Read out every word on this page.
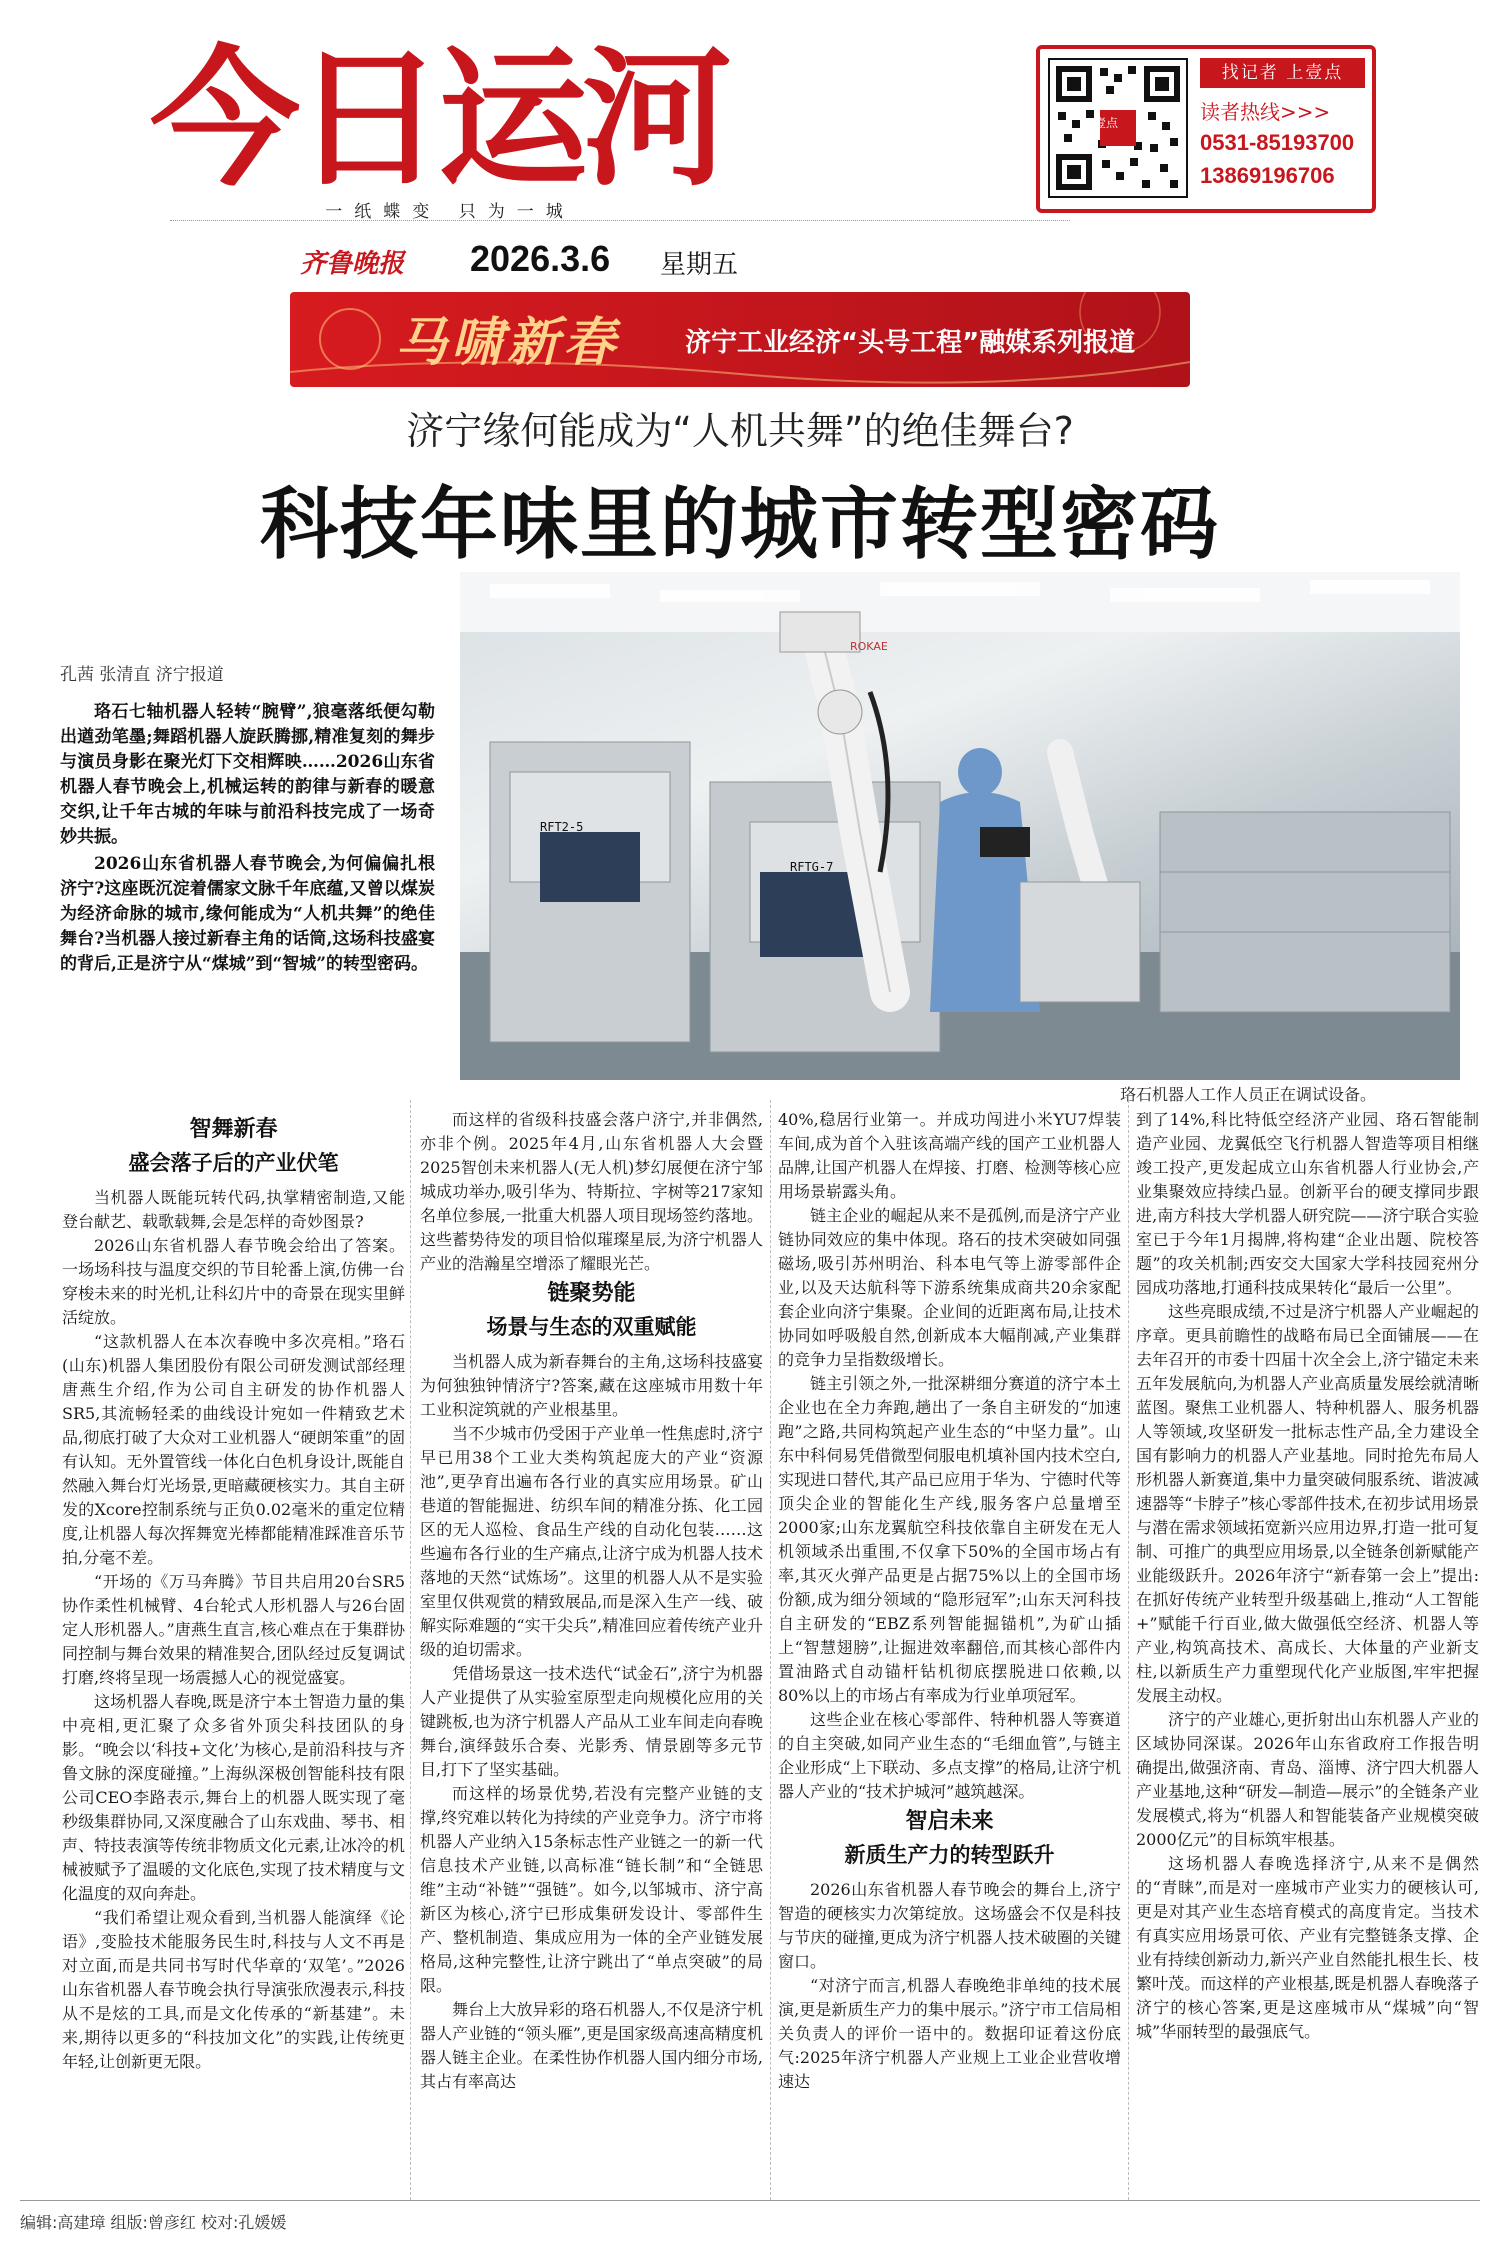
今日运河
一纸蝶变 只为一城
齐鲁晚报 2026.3.6 星期五
壹点
找记者 上壹点
读者热线>>>
0531-85193700
13869196706
马啸新春	济宁工业经济“头号工程”融媒系列报道
济宁缘何能成为“人机共舞”的绝佳舞台?
科技年味里的城市转型密码
RFT2-5
RFTG-7
ROKAE
珞石机器人工作人员正在调试设备。
孔茜 张清直 济宁报道

珞石七轴机器人轻转“腕臂”,狼毫落纸便勾勒出遒劲笔墨;舞蹈机器人旋跃腾挪,精准复刻的舞步与演员身影在聚光灯下交相辉映……2026山东省机器人春节晚会上,机械运转的韵律与新春的暖意交织,让千年古城的年味与前沿科技完成了一场奇妙共振。

2026山东省机器人春节晚会,为何偏偏扎根济宁?这座既沉淀着儒家文脉千年底蕴,又曾以煤炭为经济命脉的城市,缘何能成为“人机共舞”的绝佳舞台?当机器人接过新春主角的话筒,这场科技盛宴的背后,正是济宁从“煤城”到“智城”的转型密码。

智舞新春
盛会落子后的产业伏笔

当机器人既能玩转代码,执掌精密制造,又能登台献艺、载歌载舞,会是怎样的奇妙图景?

2026山东省机器人春节晚会给出了答案。一场场科技与温度交织的节目轮番上演,仿佛一台穿梭未来的时光机,让科幻片中的奇景在现实里鲜活绽放。

“这款机器人在本次春晚中多次亮相。”珞石(山东)机器人集团股份有限公司研发测试部经理唐燕生介绍,作为公司自主研发的协作机器人SR5,其流畅轻柔的曲线设计宛如一件精致艺术品,彻底打破了大众对工业机器人“硬朗笨重”的固有认知。无外置管线一体化白色机身设计,既能自然融入舞台灯光场景,更暗藏硬核实力。其自主研发的Xcore控制系统与正负0.02毫米的重定位精度,让机器人每次挥舞宽光棒都能精准踩准音乐节拍,分毫不差。

“开场的《万马奔腾》节目共启用20台SR5协作柔性机械臂、4台轮式人形机器人与26台固定人形机器人。”唐燕生直言,核心难点在于集群协同控制与舞台效果的精准契合,团队经过反复调试打磨,终将呈现一场震撼人心的视觉盛宴。

这场机器人春晚,既是济宁本土智造力量的集中亮相,更汇聚了众多省外顶尖科技团队的身影。“晚会以‘科技+文化’为核心,是前沿科技与齐鲁文脉的深度碰撞。”上海纵深极创智能科技有限公司CEO李路表示,舞台上的机器人既实现了毫秒级集群协同,又深度融合了山东戏曲、琴书、相声、特技表演等传统非物质文化元素,让冰冷的机械被赋予了温暖的文化底色,实现了技术精度与文化温度的双向奔赴。

“我们希望让观众看到,当机器人能演绎《论语》,变脸技术能服务民生时,科技与人文不再是对立面,而是共同书写时代华章的‘双笔’。”2026山东省机器人春节晚会执行导演张欣漫表示,科技从不是炫的工具,而是文化传承的“新基建”。未来,期待以更多的“科技加文化”的实践,让传统更年轻,让创新更无限。

而这样的省级科技盛会落户济宁,并非偶然,亦非个例。2025年4月,山东省机器人大会暨2025智创未来机器人(无人机)梦幻展便在济宁邹城成功举办,吸引华为、特斯拉、字树等217家知名单位参展,一批重大机器人项目现场签约落地。这些蓄势待发的项目恰似璀璨星辰,为济宁机器人产业的浩瀚星空增添了耀眼光芒。

链聚势能
场景与生态的双重赋能

当机器人成为新春舞台的主角,这场科技盛宴为何独独钟情济宁?答案,藏在这座城市用数十年工业积淀筑就的产业根基里。

当不少城市仍受困于产业单一性焦虑时,济宁早已用38个工业大类构筑起庞大的产业“资源池”,更孕育出遍布各行业的真实应用场景。矿山巷道的智能掘进、纺织车间的精准分拣、化工园区的无人巡检、食品生产线的自动化包装……这些遍布各行业的生产痛点,让济宁成为机器人技术落地的天然“试炼场”。这里的机器人从不是实验室里仅供观赏的精致展品,而是深入生产一线、破解实际难题的“实干尖兵”,精准回应着传统产业升级的迫切需求。

凭借场景这一技术迭代“试金石”,济宁为机器人产业提供了从实验室原型走向规模化应用的关键跳板,也为济宁机器人产品从工业车间走向春晚舞台,演绎鼓乐合奏、光影秀、情景剧等多元节目,打下了坚实基础。

而这样的场景优势,若没有完整产业链的支撑,终究难以转化为持续的产业竞争力。济宁市将机器人产业纳入15条标志性产业链之一的新一代信息技术产业链,以高标准“链长制”和“全链思维”主动“补链”“强链”。如今,以邹城市、济宁高新区为核心,济宁已形成集研发设计、零部件生产、整机制造、集成应用为一体的全产业链发展格局,这种完整性,让济宁跳出了“单点突破”的局限。

舞台上大放异彩的珞石机器人,不仅是济宁机器人产业链的“领头雁”,更是国家级高速高精度机器人链主企业。在柔性协作机器人国内细分市场,其占有率高达

40%,稳居行业第一。并成功闯进小米YU7焊装车间,成为首个入驻该高端产线的国产工业机器人品牌,让国产机器人在焊接、打磨、检测等核心应用场景崭露头角。

链主企业的崛起从来不是孤例,而是济宁产业链协同效应的集中体现。珞石的技术突破如同强磁场,吸引苏州明治、科本电气等上游零部件企业,以及天达航科等下游系统集成商共20余家配套企业向济宁集聚。企业间的近距离布局,让技术协同如呼吸般自然,创新成本大幅削减,产业集群的竞争力呈指数级增长。

链主引领之外,一批深耕细分赛道的济宁本土企业也在全力奔跑,趟出了一条自主研发的“加速跑”之路,共同构筑起产业生态的“中坚力量”。山东中科伺易凭借微型伺服电机填补国内技术空白,实现进口替代,其产品已应用于华为、宁德时代等顶尖企业的智能化生产线,服务客户总量增至2000家;山东龙翼航空科技依靠自主研发在无人机领域杀出重围,不仅拿下50%的全国市场占有率,其灭火弹产品更是占据75%以上的全国市场份额,成为细分领域的“隐形冠军”;山东天河科技自主研发的“EBZ系列智能掘锚机”,为矿山插上“智慧翅膀”,让掘进效率翻倍,而其核心部件内置油路式自动锚杆钻机彻底摆脱进口依赖,以80%以上的市场占有率成为行业单项冠军。

这些企业在核心零部件、特种机器人等赛道的自主突破,如同产业生态的“毛细血管”,与链主企业形成“上下联动、多点支撑”的格局,让济宁机器人产业的“技术护城河”越筑越深。

智启未来
新质生产力的转型跃升

2026山东省机器人春节晚会的舞台上,济宁智造的硬核实力次第绽放。这场盛会不仅是科技与节庆的碰撞,更成为济宁机器人技术破圈的关键窗口。

“对济宁而言,机器人春晚绝非单纯的技术展演,更是新质生产力的集中展示。”济宁市工信局相关负责人的评价一语中的。数据印证着这份底气:2025年济宁机器人产业规上工业企业营收增速达

到了14%,科比特低空经济产业园、珞石智能制造产业园、龙翼低空飞行机器人智造等项目相继竣工投产,更发起成立山东省机器人行业协会,产业集聚效应持续凸显。创新平台的硬支撑同步跟进,南方科技大学机器人研究院——济宁联合实验室已于今年1月揭牌,将构建“企业出题、院校答题”的攻关机制;西安交大国家大学科技园兖州分园成功落地,打通科技成果转化“最后一公里”。

这些亮眼成绩,不过是济宁机器人产业崛起的序章。更具前瞻性的战略布局已全面铺展——在去年召开的市委十四届十次全会上,济宁锚定未来五年发展航向,为机器人产业高质量发展绘就清晰蓝图。聚焦工业机器人、特种机器人、服务机器人等领域,攻坚研发一批标志性产品,全力建设全国有影响力的机器人产业基地。同时抢先布局人形机器人新赛道,集中力量突破伺服系统、谐波减速器等“卡脖子”核心零部件技术,在初步试用场景与潜在需求领域拓宽新兴应用边界,打造一批可复制、可推广的典型应用场景,以全链条创新赋能产业能级跃升。2026年济宁“新春第一会上”提出:在抓好传统产业转型升级基础上,推动“人工智能+”赋能千行百业,做大做强低空经济、机器人等产业,构筑高技术、高成长、大体量的产业新支柱,以新质生产力重塑现代化产业版图,牢牢把握发展主动权。

济宁的产业雄心,更折射出山东机器人产业的区域协同深谋。2026年山东省政府工作报告明确提出,做强济南、青岛、淄博、济宁四大机器人产业基地,这种“研发—制造—展示”的全链条产业发展模式,将为“机器人和智能装备产业规模突破2000亿元”的目标筑牢根基。

这场机器人春晚选择济宁,从来不是偶然的“青睐”,而是对一座城市产业实力的硬核认可,更是对其产业生态培育模式的高度肯定。当技术有真实应用场景可依、产业有完整链条支撑、企业有持续创新动力,新兴产业自然能扎根生长、枝繁叶茂。而这样的产业根基,既是机器人春晚落子济宁的核心答案,更是这座城市从“煤城”向“智城”华丽转型的最强底气。

编辑:高建璋 组版:曾彦红 校对:孔媛媛
